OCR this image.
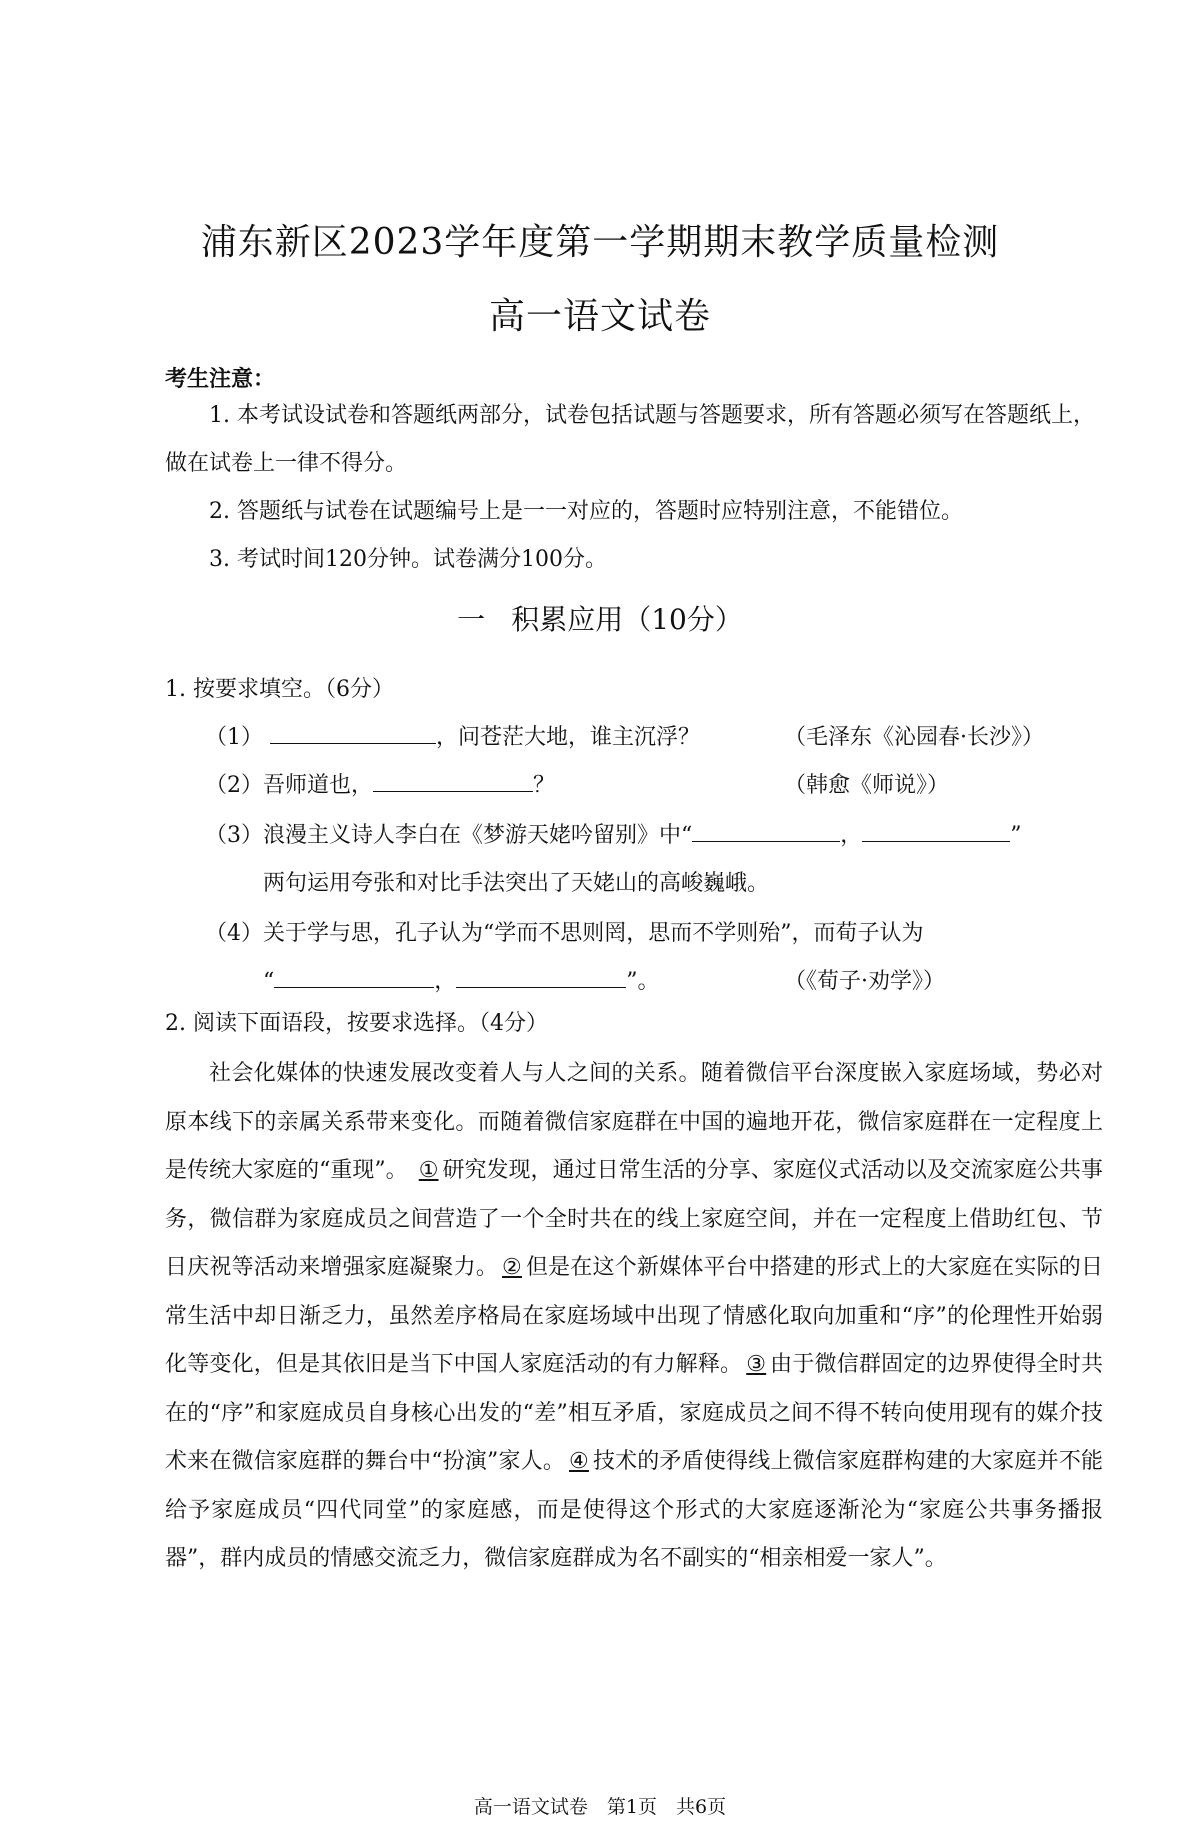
浦东新区2023学年度第一学期期末教学质量检测
高一语文试卷
考生注意：

1. 本考试设试卷和答题纸两部分，试卷包括试题与答题要求，所有答题必须写在答题纸上，做在试卷上一律不得分。

2. 答题纸与试卷在试题编号上是一一对应的，答题时应特别注意，不能错位。

3. 考试时间120分钟。试卷满分100分。

一 积累应用（10分）
1. 按要求填空。（6分）
（1）	，问苍茫大地，谁主沉浮？	（毛泽东《沁园春·长沙》）
（2）吾师道也，	？	（韩愈《师说》）
（3）浪漫主义诗人李白在《梦游天姥吟留别》中“	，	”
两句运用夸张和对比手法突出了天姥山的高峻巍峨。
（4）关于学与思，孔子认为“学而不思则罔，思而不学则殆”，而荀子认为
“	，	”。	（《荀子·劝学》）
2. 阅读下面语段，按要求选择。（4分）

社会化媒体的快速发展改变着人与人之间的关系。随着微信平台深度嵌入家庭场域，势必对原本线下的亲属关系带来变化。而随着微信家庭群在中国的遍地开花，微信家庭群在一定程度上是传统大家庭的“重现”。 ① 研究发现，通过日常生活的分享、家庭仪式活动以及交流家庭公共事务，微信群为家庭成员之间营造了一个全时共在的线上家庭空间，并在一定程度上借助红包、节日庆祝等活动来增强家庭凝聚力。 ② 但是在这个新媒体平台中搭建的形式上的大家庭在实际的日常生活中却日渐乏力，虽然差序格局在家庭场域中出现了情感化取向加重和“序”的伦理性开始弱化等变化，但是其依旧是当下中国人家庭活动的有力解释。 ③ 由于微信群固定的边界使得全时共在的“序”和家庭成员自身核心出发的“差”相互矛盾，家庭成员之间不得不转向使用现有的媒介技术来在微信家庭群的舞台中“扮演”家人。 ④ 技术的矛盾使得线上微信家庭群构建的大家庭并不能给予家庭成员“四代同堂”的家庭感，而是使得这个形式的大家庭逐渐沦为“家庭公共事务播报器”，群内成员的情感交流乏力，微信家庭群成为名不副实的“相亲相爱一家人”。

高一语文试卷　第1页　共6页
